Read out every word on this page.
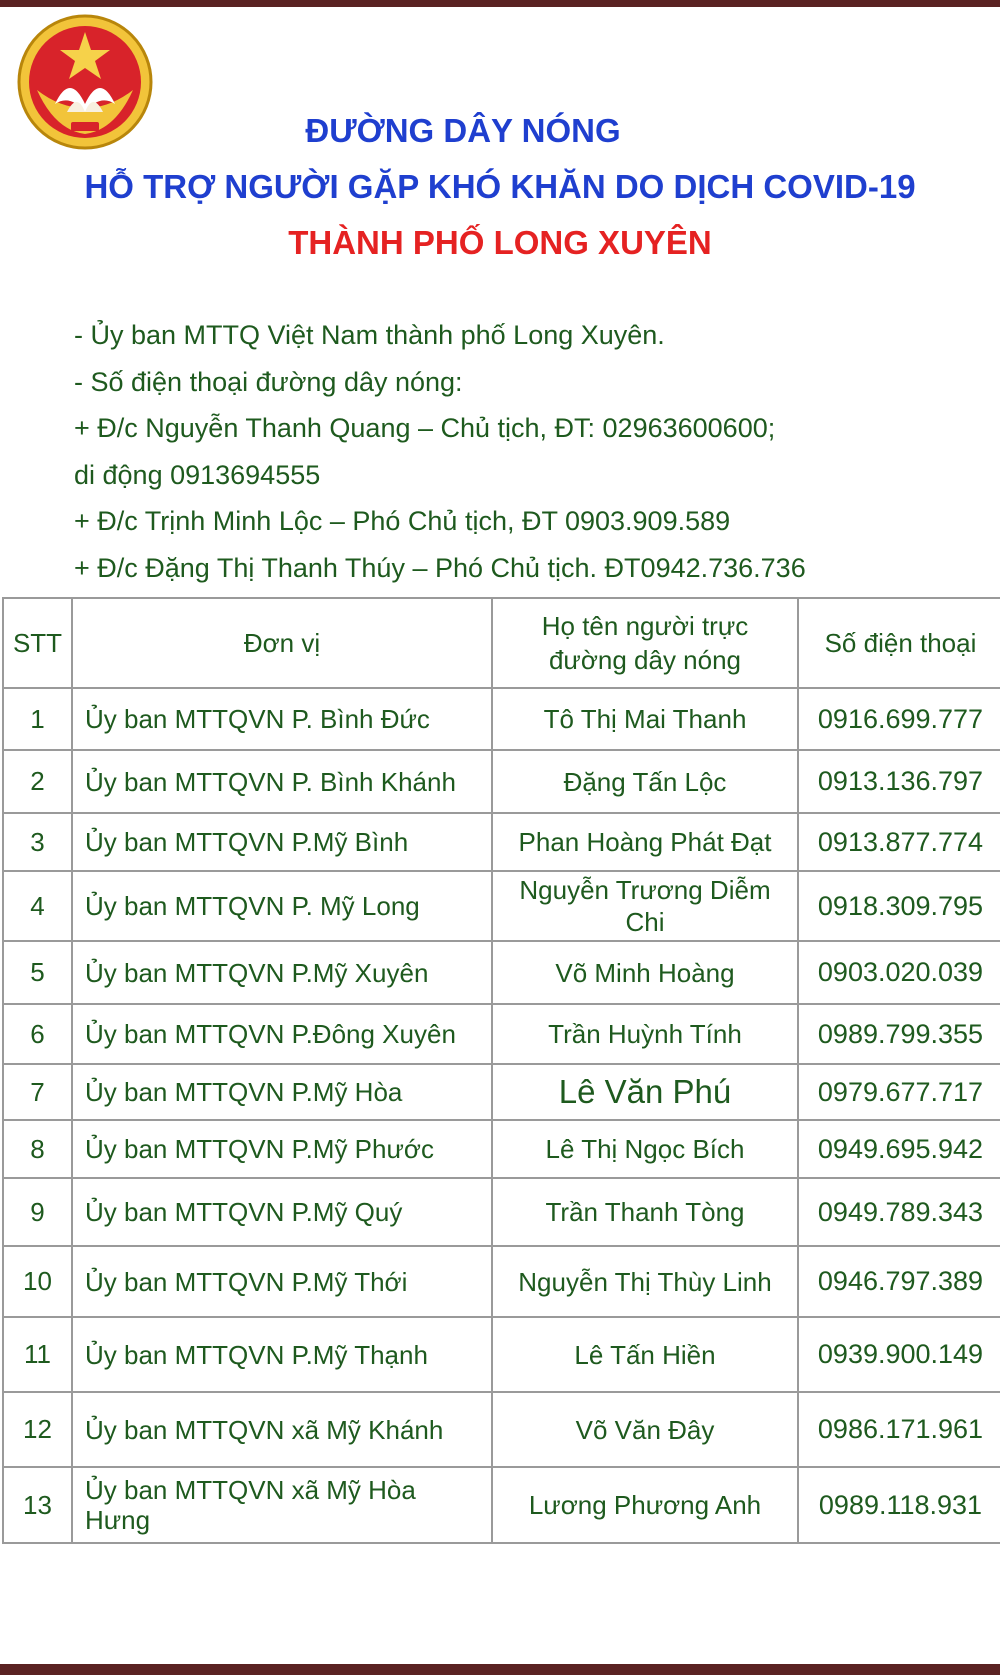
ĐƯỜNG DÂY NÓNG
HỖ TRỢ NGƯỜI GẶP KHÓ KHĂN DO DỊCH COVID-19
THÀNH PHỐ LONG XUYÊN
- Ủy ban MTTQ Việt Nam thành phố Long Xuyên.
- Số điện thoại đường dây nóng:
+ Đ/c Nguyễn Thanh Quang – Chủ tịch, ĐT: 02963600600;
di động 0913694555
+ Đ/c Trịnh Minh Lộc – Phó Chủ tịch, ĐT 0903.909.589
+ Đ/c Đặng Thị Thanh Thúy – Phó Chủ tịch. ĐT0942.736.736
STT	Đơn vị	Họ tên người trực đường dây nóng	Số điện thoại
1	Ủy ban MTTQVN P. Bình Đức	Tô Thị Mai Thanh	0916.699.777
2	Ủy ban MTTQVN P. Bình Khánh	Đặng Tấn Lộc	0913.136.797
3	Ủy ban MTTQVN P.Mỹ Bình	Phan Hoàng Phát Đạt	0913.877.774
4	Ủy ban MTTQVN P. Mỹ Long	Nguyễn Trương Diễm Chi	0918.309.795
5	Ủy ban MTTQVN P.Mỹ Xuyên	Võ Minh Hoàng	0903.020.039
6	Ủy ban MTTQVN P.Đông Xuyên	Trần Huỳnh Tính	0989.799.355
7	Ủy ban MTTQVN P.Mỹ Hòa	Lê Văn Phú	0979.677.717
8	Ủy ban MTTQVN P.Mỹ Phước	Lê Thị Ngọc Bích	0949.695.942
9	Ủy ban MTTQVN P.Mỹ Quý	Trần Thanh Tòng	0949.789.343
10	Ủy ban MTTQVN P.Mỹ Thới	Nguyễn Thị Thùy Linh	0946.797.389
11	Ủy ban MTTQVN P.Mỹ Thạnh	Lê Tấn Hiền	0939.900.149
12	Ủy ban MTTQVN xã Mỹ Khánh	Võ Văn Đây	0986.171.961
13	Ủy ban MTTQVN xã Mỹ Hòa Hưng	Lương Phương Anh	0989.118.931
